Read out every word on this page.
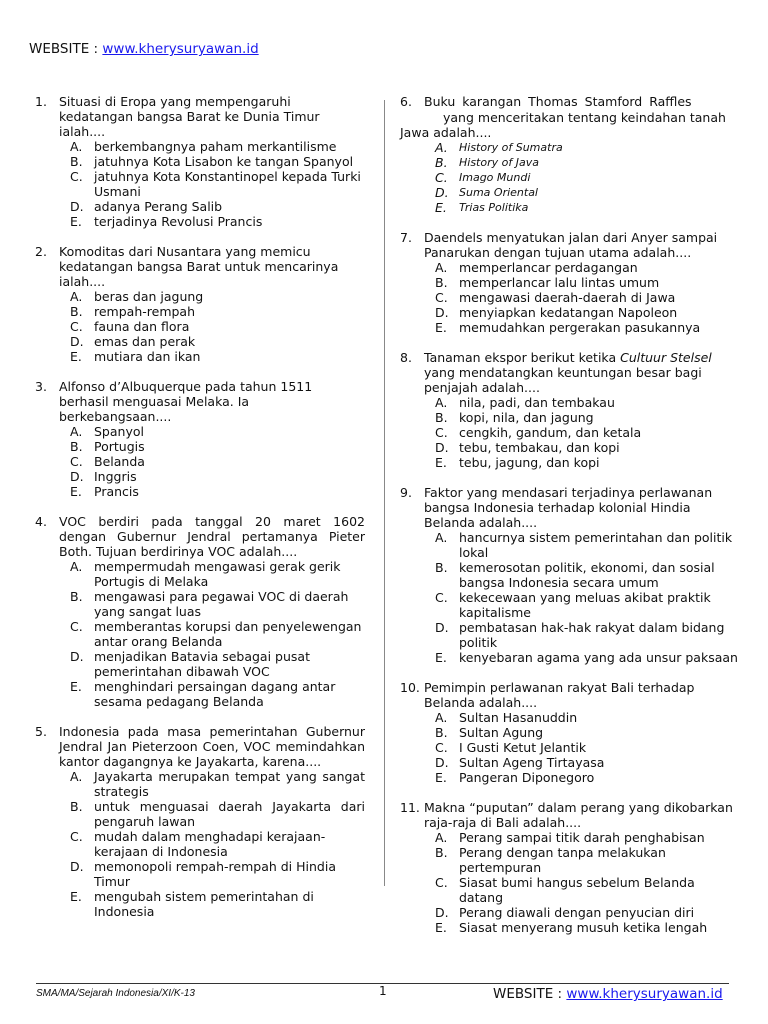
WEBSITE : www.kherysuryawan.id
1. Situasi di Eropa yang mempengaruhi kedatangan bangsa Barat ke Dunia Timur ialah....
A. berkembangnya paham merkantilisme
B. jatuhnya Kota Lisabon ke tangan Spanyol
C. jatuhnya Kota Konstantinopel kepada Turki Usmani
D. adanya Perang Salib
E. terjadinya Revolusi Prancis
2. Komoditas dari Nusantara yang memicu kedatangan bangsa Barat untuk mencarinya ialah....
A. beras dan jagung
B. rempah-rempah
C. fauna dan flora
D. emas dan perak
E. mutiara dan ikan
3. Alfonso d’Albuquerque pada tahun 1511 berhasil menguasai Melaka. Ia berkebangsaan....
A. Spanyol
B. Portugis
C. Belanda
D. Inggris
E. Prancis
4. VOC berdiri pada tanggal 20 maret 1602 dengan Gubernur Jendral pertamanya Pieter Both. Tujuan berdirinya VOC adalah....
A. mempermudah mengawasi gerak gerik Portugis di Melaka
B. mengawasi para pegawai VOC di daerah yang sangat luas
C. memberantas korupsi dan penyelewengan antar orang Belanda
D. menjadikan Batavia sebagai pusat pemerintahan dibawah VOC
E. menghindari persaingan dagang antar sesama pedagang Belanda
5. Indonesia pada masa pemerintahan Gubernur Jendral Jan Pieterzoon Coen, VOC memindahkan kantor dagangnya ke Jayakarta, karena....
A. Jayakarta merupakan tempat yang sangat strategis
B. untuk menguasai daerah Jayakarta dari pengaruh lawan
C. mudah dalam menghadapi kerajaan-kerajaan di Indonesia
D. memonopoli rempah-rempah di Hindia Timur
E. mengubah sistem pemerintahan di Indonesia
6. Buku karangan Thomas Stamford Raffles
yang menceritakan tentang keindahan tanah
Jawa adalah....
A.	History of Sumatra
B.	History of Java
C.	Imago Mundi
D. Suma Oriental
E.	Trias Politika
7. Daendels menyatukan jalan dari Anyer sampai Panarukan dengan tujuan utama adalah....
A. memperlancar perdagangan
B. memperlancar lalu lintas umum
C. mengawasi daerah-daerah di Jawa
D. menyiapkan kedatangan Napoleon
E. memudahkan pergerakan pasukannya
8. Tanaman ekspor berikut ketika Cultuur Stelsel
yang mendatangkan keuntungan besar bagi penjajah adalah....
A. nila, padi, dan tembakau
B. kopi, nila, dan jagung
C. cengkih, gandum, dan ketala
D. tebu, tembakau, dan kopi
E. tebu, jagung, dan kopi
9. Faktor yang mendasari terjadinya perlawanan bangsa Indonesia terhadap kolonial Hindia Belanda adalah....
A. hancurnya sistem pemerintahan dan politik lokal
B. kemerosotan politik, ekonomi, dan sosial bangsa Indonesia secara umum
C. kekecewaan yang meluas akibat praktik kapitalisme
D. pembatasan hak-hak rakyat dalam bidang politik
E. kenyebaran agama yang ada unsur paksaan
10. Pemimpin perlawanan rakyat Bali terhadap Belanda adalah....
A. Sultan Hasanuddin
B. Sultan Agung
C. I Gusti Ketut Jelantik
D. Sultan Ageng Tirtayasa
E. Pangeran Diponegoro
11. Makna “puputan” dalam perang yang dikobarkan raja-raja di Bali adalah....
A. Perang sampai titik darah penghabisan
B. Perang dengan tanpa melakukan pertempuran
C. Siasat bumi hangus sebelum Belanda datang
D. Perang diawali dengan penyucian diri
E. Siasat menyerang musuh ketika lengah
SMA/MA/Sejarah Indonesia/XI/K-13	1	WEBSITE : www.kherysuryawan.id
